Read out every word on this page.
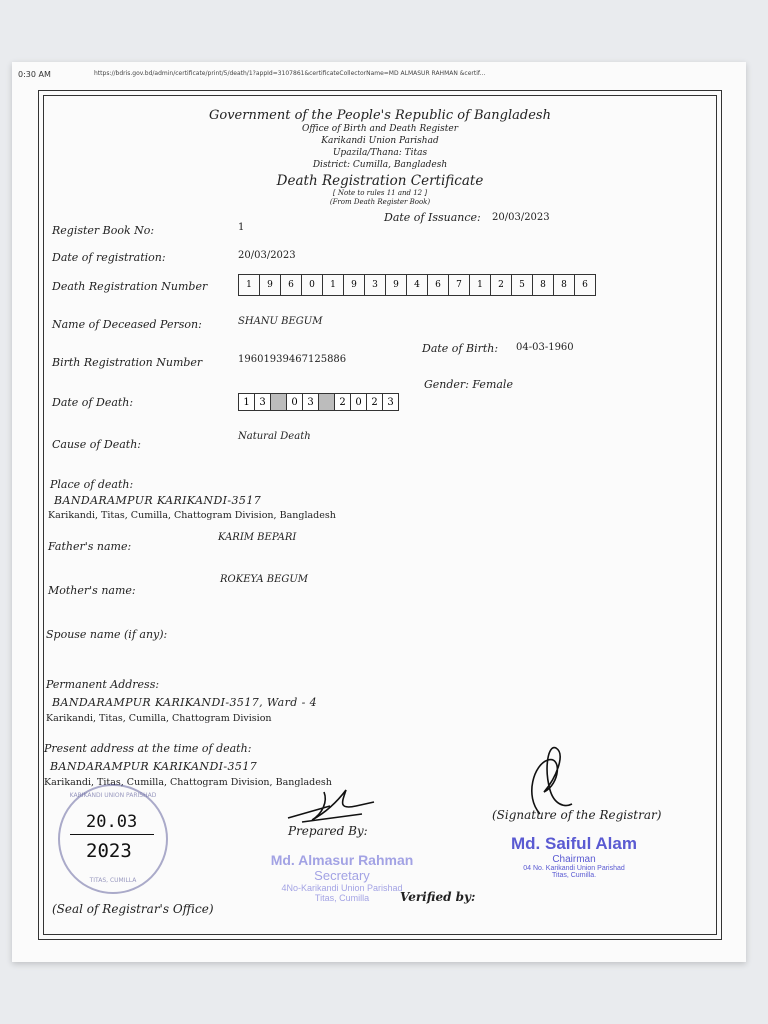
0:30 AM	https://bdris.gov.bd/admin/certificate/print/5/death/1?appId=3107861&certificateCollectorName=MD ALMASUR RAHMAN &certif...
Government of the People's Republic of Bangladesh
Office of Birth and Death Register
Karikandi Union Parishad
Upazila/Thana: Titas
District: Cumilla, Bangladesh
Death Registration Certificate
[ Note to rules 11 and 12 ]
(From Death Register Book)
Register Book No:	1
Date of Issuance: 20/03/2023
Date of registration:	20/03/2023
Death Registration Number	1	9	6	0	1	9	3	9	4	6	7	1	2	5	8	8	6
Name of Deceased Person:	SHANU BEGUM
Birth Registration Number	19601939467125886
Date of Birth: 04-03-1960
Date of Death:	1 3	0 3	2 0 2 3
Gender: Female
Cause of Death:
Natural Death
Place of death:
BANDARAMPUR KARIKANDI-3517
Karikandi, Titas, Cumilla, Chattogram Division, Bangladesh
Father's name:
KARIM BEPARI
Mother's name:
ROKEYA BEGUM
Spouse name (if any):
Permanent Address:
BANDARAMPUR KARIKANDI-3517, Ward - 4
Karikandi, Titas, Cumilla, Chattogram Division
Present address at the time of death:
BANDARAMPUR KARIKANDI-3517
Karikandi, Titas, Cumilla, Chattogram Division, Bangladesh
KARIKANDI UNION PARISHAD
20.03
2023
TITAS, CUMILLA
Prepared By:
(Signature of the Registrar)
Md. Almasur Rahman
Secretary
4No-Karikandi Union Parishad
Titas, Cumilla
Md. Saiful Alam
Chairman
04 No. Karikandi Union Parishad
Titas, Cumilla.
(Seal of Registrar's Office)
Verified by:
